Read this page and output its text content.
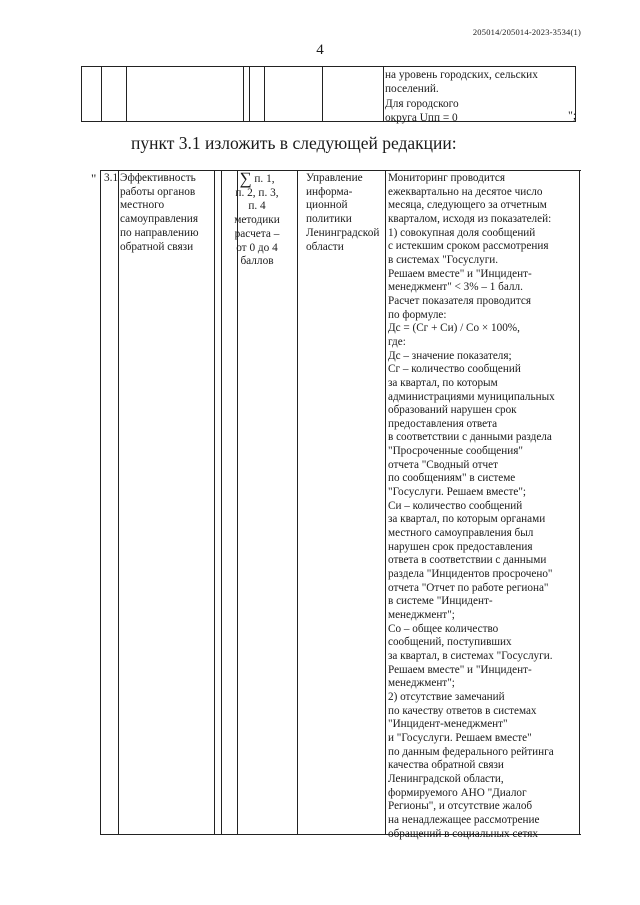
205014/205014-2023-3534(1)
4
на уровень городских, сельских
поселений.
Для городского
округа Uпп = 0	";
пункт 3.1 изложить в следующей редакции:
" 3.1 Эффективность
работы органов
местного
самоуправления
по направлению
обратной связи
∑ п. 1,
п. 2, п. 3,
п. 4
методики
расчета –
от 0 до 4
баллов
Управление
информа-
ционной
политики
Ленинградской
области
Мониторинг проводится
ежеквартально на десятое число
месяца, следующего за отчетным
кварталом, исходя из показателей:
1) совокупная доля сообщений
с истекшим сроком рассмотрения
в системах "Госуслуги.
Решаем вместе" и "Инцидент-
менеджмент" < 3% – 1 балл.
Расчет показателя проводится
по формуле:
Дс = (Сг + Си) / Со × 100%,
где:
Дс – значение показателя;
Сг – количество сообщений
за квартал, по которым
администрациями муниципальных
образований нарушен срок
предоставления ответа
в соответствии с данными раздела
"Просроченные сообщения"
отчета "Сводный отчет
по сообщениям" в системе
"Госуслуги. Решаем вместе";
Си – количество сообщений
за квартал, по которым органами
местного самоуправления был
нарушен срок предоставления
ответа в соответствии с данными
раздела "Инцидентов просрочено"
отчета "Отчет по работе региона"
в системе "Инцидент-
менеджмент";
Со – общее количество
сообщений, поступивших
за квартал, в системах "Госуслуги.
Решаем вместе" и "Инцидент-
менеджмент";
2) отсутствие замечаний
по качеству ответов в системах
"Инцидент-менеджмент"
и "Госуслуги. Решаем вместе"
по данным федерального рейтинга
качества обратной связи
Ленинградской области,
формируемого АНО "Диалог
Регионы", и отсутствие жалоб
на ненадлежащее рассмотрение
обращений в социальных сетях
